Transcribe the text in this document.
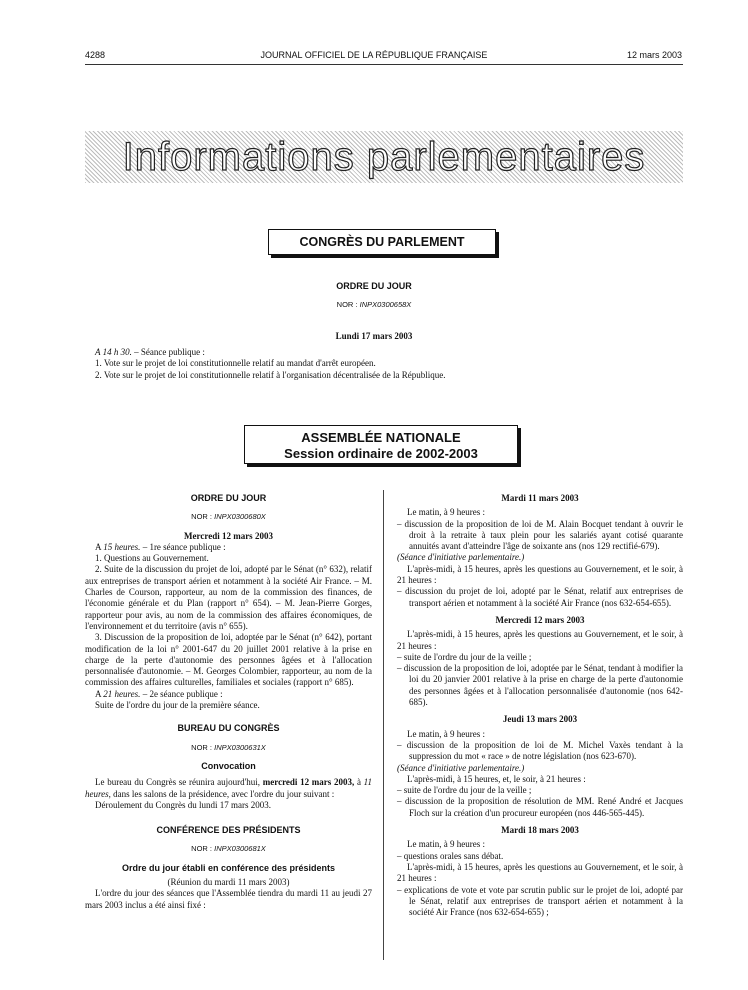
4288	JOURNAL OFFICIEL DE LA RÉPUBLIQUE FRANÇAISE	12 mars 2003
Informations parlementaires
CONGRÈS DU PARLEMENT
ORDRE DU JOUR
NOR : INPX0300658X
Lundi 17 mars 2003
A 14 h 30. – Séance publique :
1. Vote sur le projet de loi constitutionnelle relatif au mandat d'arrêt européen.
2. Vote sur le projet de loi constitutionnelle relatif à l'organisation décentralisée de la République.
ASSEMBLÉE NATIONALE
Session ordinaire de 2002-2003

ORDRE DU JOUR

NOR : INPX0300680X

Mercredi 12 mars 2003

A 15 heures. – 1re séance publique :

1. Questions au Gouvernement.

2. Suite de la discussion du projet de loi, adopté par le Sénat (n° 632), relatif aux entreprises de transport aérien et notamment à la société Air France. – M. Charles de Courson, rapporteur, au nom de la commission des finances, de l'économie générale et du Plan (rapport n° 654). – M. Jean-Pierre Gorges, rapporteur pour avis, au nom de la commission des affaires économiques, de l'environnement et du territoire (avis n° 655).

3. Discussion de la proposition de loi, adoptée par le Sénat (n° 642), portant modification de la loi n° 2001-647 du 20 juillet 2001 relative à la prise en charge de la perte d'autonomie des personnes âgées et à l'allocation personnalisée d'autonomie. – M. Georges Colombier, rapporteur, au nom de la commission des affaires culturelles, familiales et sociales (rapport n° 685).

A 21 heures. – 2e séance publique :

Suite de l'ordre du jour de la première séance.

BUREAU DU CONGRÈS

NOR : INPX0300631X

Convocation

Le bureau du Congrès se réunira aujourd'hui, mercredi 12 mars 2003, à 11 heures, dans les salons de la présidence, avec l'ordre du jour suivant :

Déroulement du Congrès du lundi 17 mars 2003.

CONFÉRENCE DES PRÉSIDENTS

NOR : INPX0300681X

Ordre du jour établi en conférence des présidents

(Réunion du mardi 11 mars 2003)

L'ordre du jour des séances que l'Assemblée tiendra du mardi 11 au jeudi 27 mars 2003 inclus a été ainsi fixé :

Mardi 11 mars 2003

Le matin, à 9 heures :

– discussion de la proposition de loi de M. Alain Bocquet tendant à ouvrir le droit à la retraite à taux plein pour les salariés ayant cotisé quarante annuités avant d'atteindre l'âge de soixante ans (nos 129 rectifié-679).

(Séance d'initiative parlementaire.)

L'après-midi, à 15 heures, après les questions au Gouvernement, et le soir, à 21 heures :

– discussion du projet de loi, adopté par le Sénat, relatif aux entreprises de transport aérien et notamment à la société Air France (nos 632-654-655).

Mercredi 12 mars 2003

L'après-midi, à 15 heures, après les questions au Gouvernement, et le soir, à 21 heures :

– suite de l'ordre du jour de la veille ;

– discussion de la proposition de loi, adoptée par le Sénat, tendant à modifier la loi du 20 janvier 2001 relative à la prise en charge de la perte d'autonomie des personnes âgées et à l'allocation personnalisée d'autonomie (nos 642-685).

Jeudi 13 mars 2003

Le matin, à 9 heures :

– discussion de la proposition de loi de M. Michel Vaxès tendant à la suppression du mot « race » de notre législation (nos 623-670).

(Séance d'initiative parlementaire.)

L'après-midi, à 15 heures, et, le soir, à 21 heures :

– suite de l'ordre du jour de la veille ;

– discussion de la proposition de résolution de MM. René André et Jacques Floch sur la création d'un procureur européen (nos 446-565-445).

Mardi 18 mars 2003

Le matin, à 9 heures :

– questions orales sans débat.

L'après-midi, à 15 heures, après les questions au Gouvernement, et le soir, à 21 heures :

– explications de vote et vote par scrutin public sur le projet de loi, adopté par le Sénat, relatif aux entreprises de transport aérien et notamment à la société Air France (nos 632-654-655) ;
